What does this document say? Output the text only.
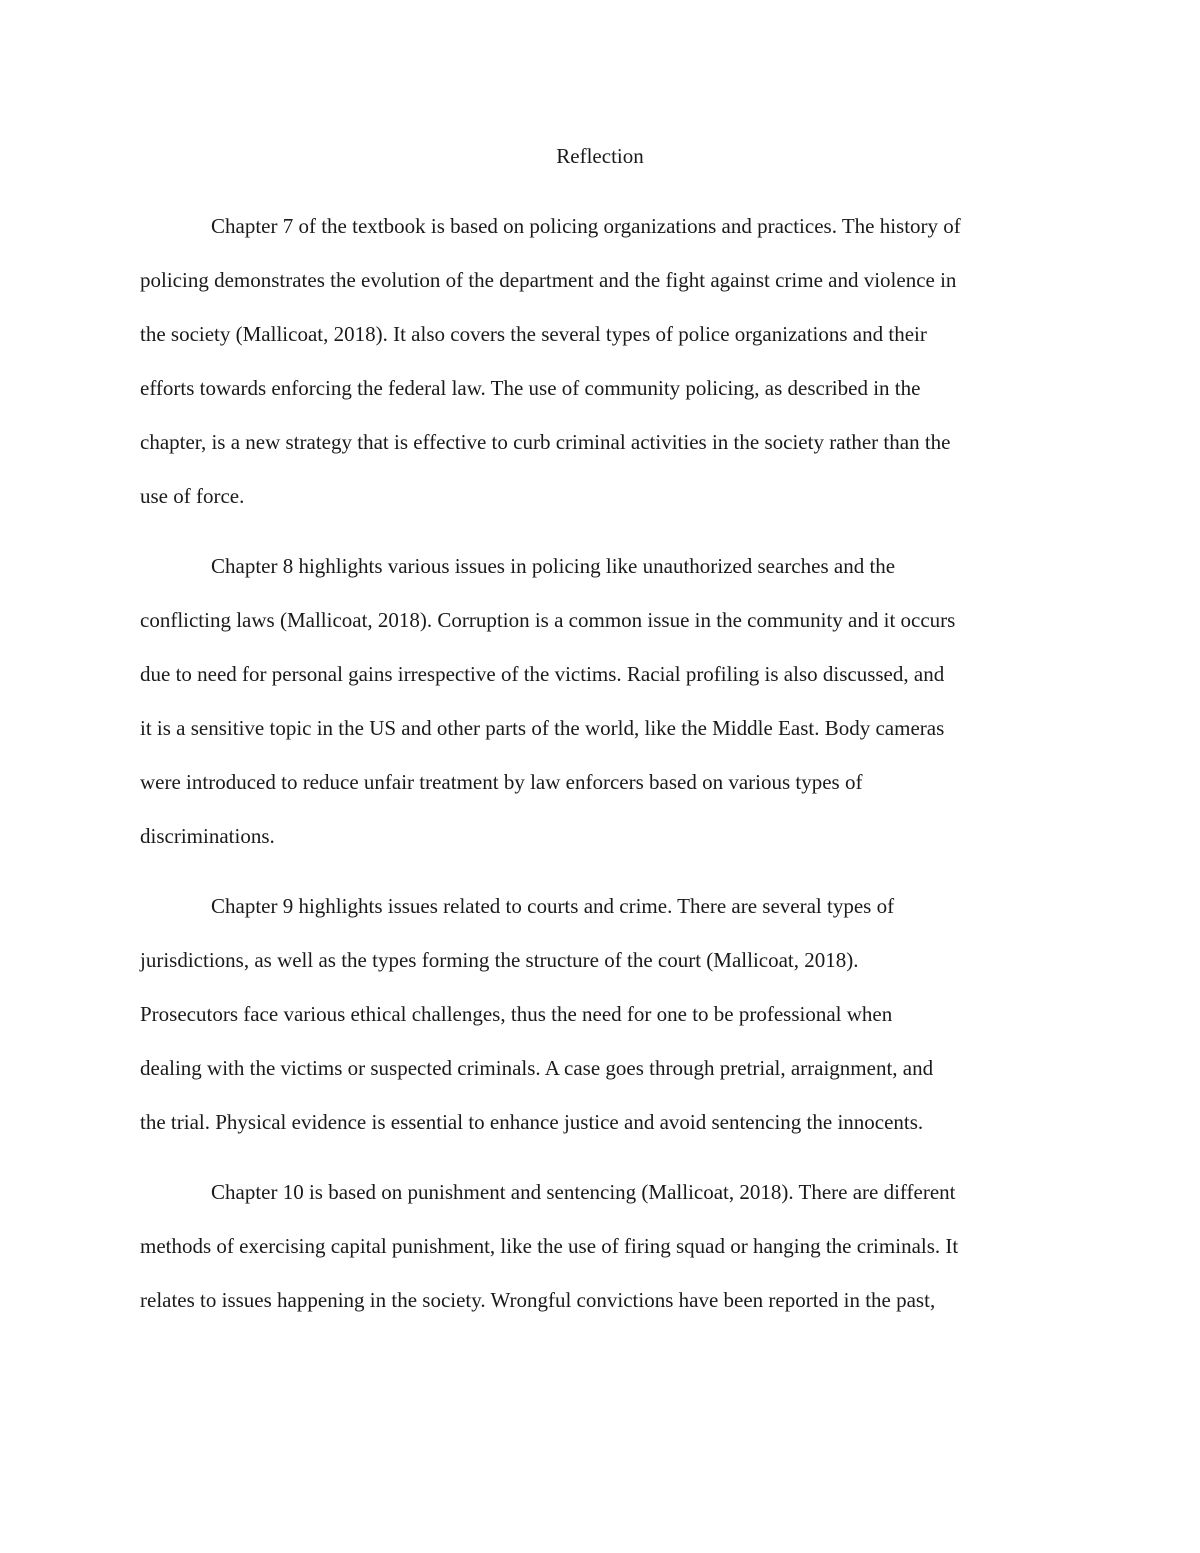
Reflection

Chapter 7 of the textbook is based on policing organizations and practices. The history of

policing demonstrates the evolution of the department and the fight against crime and violence in

the society (Mallicoat, 2018). It also covers the several types of police organizations and their

efforts towards enforcing the federal law. The use of community policing, as described in the

chapter, is a new strategy that is effective to curb criminal activities in the society rather than the

use of force.

Chapter 8 highlights various issues in policing like unauthorized searches and the

conflicting laws (Mallicoat, 2018). Corruption is a common issue in the community and it occurs

due to need for personal gains irrespective of the victims. Racial profiling is also discussed, and

it is a sensitive topic in the US and other parts of the world, like the Middle East. Body cameras

were introduced to reduce unfair treatment by law enforcers based on various types of

discriminations.

Chapter 9 highlights issues related to courts and crime. There are several types of

jurisdictions, as well as the types forming the structure of the court (Mallicoat, 2018).

Prosecutors face various ethical challenges, thus the need for one to be professional when

dealing with the victims or suspected criminals. A case goes through pretrial, arraignment, and

the trial. Physical evidence is essential to enhance justice and avoid sentencing the innocents.

Chapter 10 is based on punishment and sentencing (Mallicoat, 2018). There are different

methods of exercising capital punishment, like the use of firing squad or hanging the criminals. It

relates to issues happening in the society. Wrongful convictions have been reported in the past,
